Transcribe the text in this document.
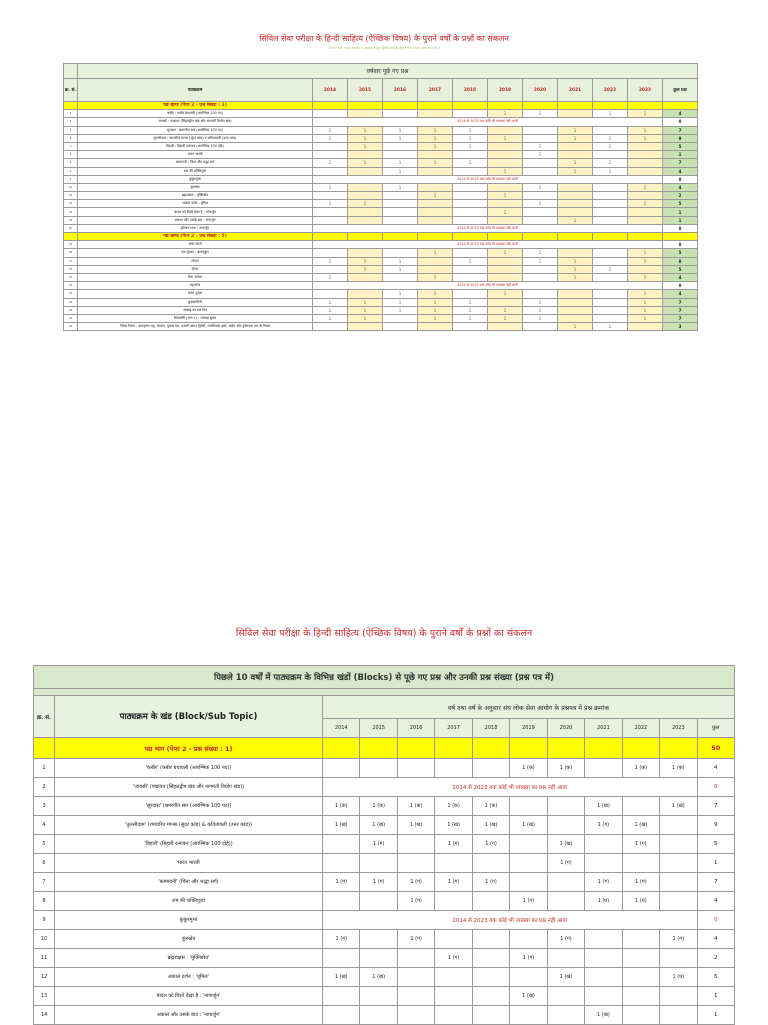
सिविल सेवा परीक्षा के हिन्दी साहित्य (ऐच्छिक विषय) के पुराने वर्षों के प्रश्नों का संकलन
This PDF has been created by @hindisahitya for the community
	वर्षवार पूछे गए प्रश्न											
क्र. सं.	पाठ्यक्रम	2014	2015	2016	2017	2018	2019	2020	2021	2022	2023	कुल प्रश्न
	पद्य खण्ड (पेपर 2 - प्रश्न संख्या : 1)											
१	कबीर : कबीर ग्रंथावली (आरम्भिक 100 पद)						1	1		1	1	4
२	जायसी : पद्मावत (सिंहलद्वीप खंड और नागमती वियोग खंड)	2014 से 2023 तक कोई भी व्याख्या नहीं आयी										0
३	सूरदास : भ्रमरगीत सार (आरम्भिक 100 पद)	1	1	1	1	1			1		1	7
४	तुलसीदास : रामचरित मानस (सुंदर कांड) व कवितावली (उत्तर कांड)	1	1	1	1	1	1		1	1	1	9
५	बिहारी : बिहारी रत्नाकर (आरम्भिक 100 दोहे)		1		1	1		1		1		5
६	भारत भारती							1				1
७	कामायनी : चिंता और श्रद्धा सर्ग	1	1	1	1	1			1	1		7
८	राम की शक्तिपूजा			1			1		1	1		4
९	कुकुरमुत्ता	2014 से 2023 तक कोई भी व्याख्या नहीं आयी										0
१०	कुरुक्षेत्र	1		1				1			1	4
११	ब्रह्मराक्षस : मुक्तिबोध				1		1					2
१२	अकाल दर्शन : धूमिल	1	1					1			1	5
१३	बादल को घिरते देखा है : नागार्जुन						1					1
१४	अकाल और उसके बाद : नागार्जुन								1			1
१५	हरिजन गाथा : नागार्जुन	2014 से 2023 तक कोई भी व्याख्या नहीं आयी										0
	गद्य खण्ड (पेपर 2 - प्रश्न संख्या : 5)											
१६	अंधेर नगरी	2014 से 2023 तक कोई भी व्याख्या नहीं आयी										0
१७	एक दुराशा : बालमुकुंद				1		1	1			1	5
१८	गोदान	1	1	1		1		1	1		1	8
१९	दिव्या		1	1					1	1		5
२०	मैला आंचल	1			1				1		1	4
२१	महाभोज	2014 से 2023 तक कोई भी व्याख्या नहीं आयी										0
२२	भारत दुर्दशा			1	1		1				1	4
२३	ध्रुवस्वामिनी	1	1	1	1	1		1			1	7
२४	आषाढ़ का एक दिन	1	1	1	1	1	1	1			1	7
२५	चिंतामणि (भाग 1) : रामचंद्र शुक्ल	1	1		1	1	1	1			1	7
२६	निबंध निलय - बालकृष्ण भट्ट, प्रेमचंद, गुलाब राय, हजारी प्रसाद द्विवेदी, रामविलास शर्मा, अज्ञेय और कुबेरनाथ राय के निबंध								1	1		3
सिविल सेवा परीक्षा के हिन्दी साहित्य (ऐच्छिक विषय) के पुराने वर्षों के प्रश्नों का संकलन
पिछले 10 वर्षों में पाठ्यक्रम के विभिन्न खंडों (Blocks) से पूछे गए प्रश्न और उनकी प्रश्न संख्या (प्रश्न पत्र में)												

क्र. सं.	पाठ्यक्रम के खंड (Block/Sub Topic)	वर्ष तथा वर्ष के अनुसार संघ लोक सेवा आयोग के प्रश्नपत्र में प्रश्न क्रमांक										
		2014	2015	2016	2017	2018	2019	2020	2021	2022	2023	कुल
	पद्य भाग (पेपर 2 - प्रश्न संख्या : 1)											50
1	'कबीर' (कबीर ग्रंथावली (आरम्भिक 100 पद))						1 (क)	1 (क)		1 (क)	1 (क)	4
2	'जायसी' (पद्मावत (सिंहलद्वीप खंड और नागमती वियोग खंड))	2014 से 2023 तक कोई भी व्याख्या का प्रश्न नहीं आया										0
3	'सूरदास' (भ्रमरगीत सार (आरम्भिक 100 पद))	1 (क)	1 (क)	1 (क)	1 (क)	1 (क)			1 (ख)		1 (ख)	7
4	'तुलसीदास' (रामचरित मानस (सुंदर कांड) & कवितावली (उत्तर कांड))	1 (ख)	1 (ख)	1 (ख)	1 (ख)	1 (ख)	1 (ख)		1 (ग)	1 (ख)		9
5	'बिहारी' (बिहारी रत्नाकर (आरम्भिक 100 दोहे))		1 (ग)		1 (ग)	1 (ग)		1 (ख)		1 (ग)		5
6	भारत भारती							1 (ग)				1
7	'कामायनी' (चिंता और श्रद्धा सर्ग)	1 (ग)	1 (ग)	1 (ग)	1 (ग)	1 (ग)			1 (ग)	1 (ग)		7
8	राम की शक्तिपूजा			1 (ग)			1 (ग)		1 (घ)	1 (घ)		4
9	कुकुरमुत्ता	2014 से 2023 तक कोई भी व्याख्या का प्रश्न नहीं आया										0
10	कुरुक्षेत्र	1 (ग)		1 (ग)				1 (ग)			1 (ग)	4
11	ब्रह्मराक्षस : 'मुक्तिबोध'				1 (ग)		1 (ग)					2
12	अकाल दर्शन : 'धूमिल'	1 (ख)	1 (ख)					1 (ख)			1 (घ)	5
13	बादल को घिरते देखा है : 'नागार्जुन'						1 (ख)					1
14	अकाल और उसके बाद : 'नागार्जुन'								1 (ख)			1
